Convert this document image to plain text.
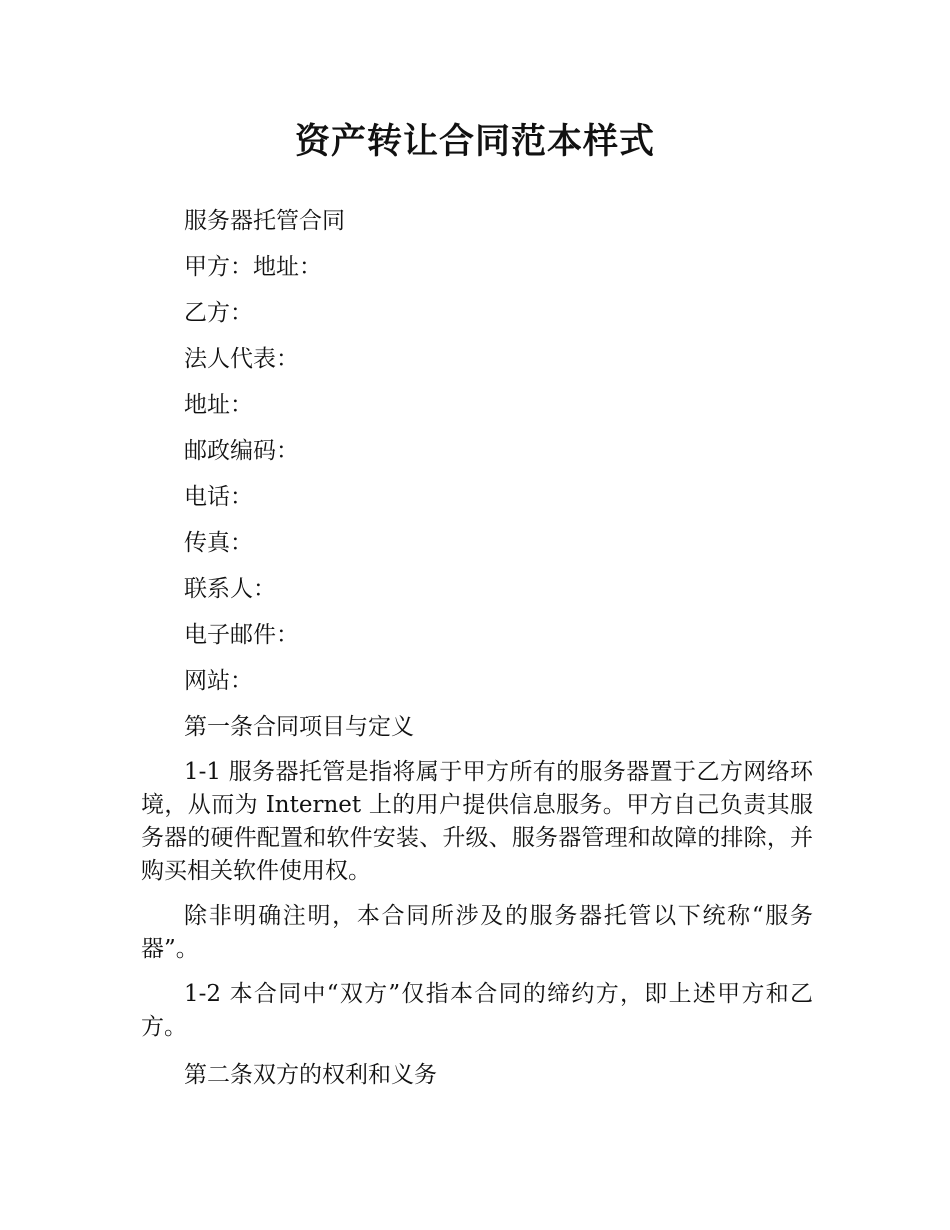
资产转让合同范本样式

服务器托管合同

甲方：地址：

乙方：

法人代表：

地址：

邮政编码：

电话：

传真：

联系人：

电子邮件：

网站：

第一条合同项目与定义

1-1 服务器托管是指将属于甲方所有的服务器置于乙方网络环境，从而为 Internet 上的用户提供信息服务。甲方自己负责其服务器的硬件配置和软件安装、升级、服务器管理和故障的排除，并购买相关软件使用权。

除非明确注明，本合同所涉及的服务器托管以下统称“服务器”。

1-2 本合同中“双方”仅指本合同的缔约方，即上述甲方和乙方。

第二条双方的权利和义务
